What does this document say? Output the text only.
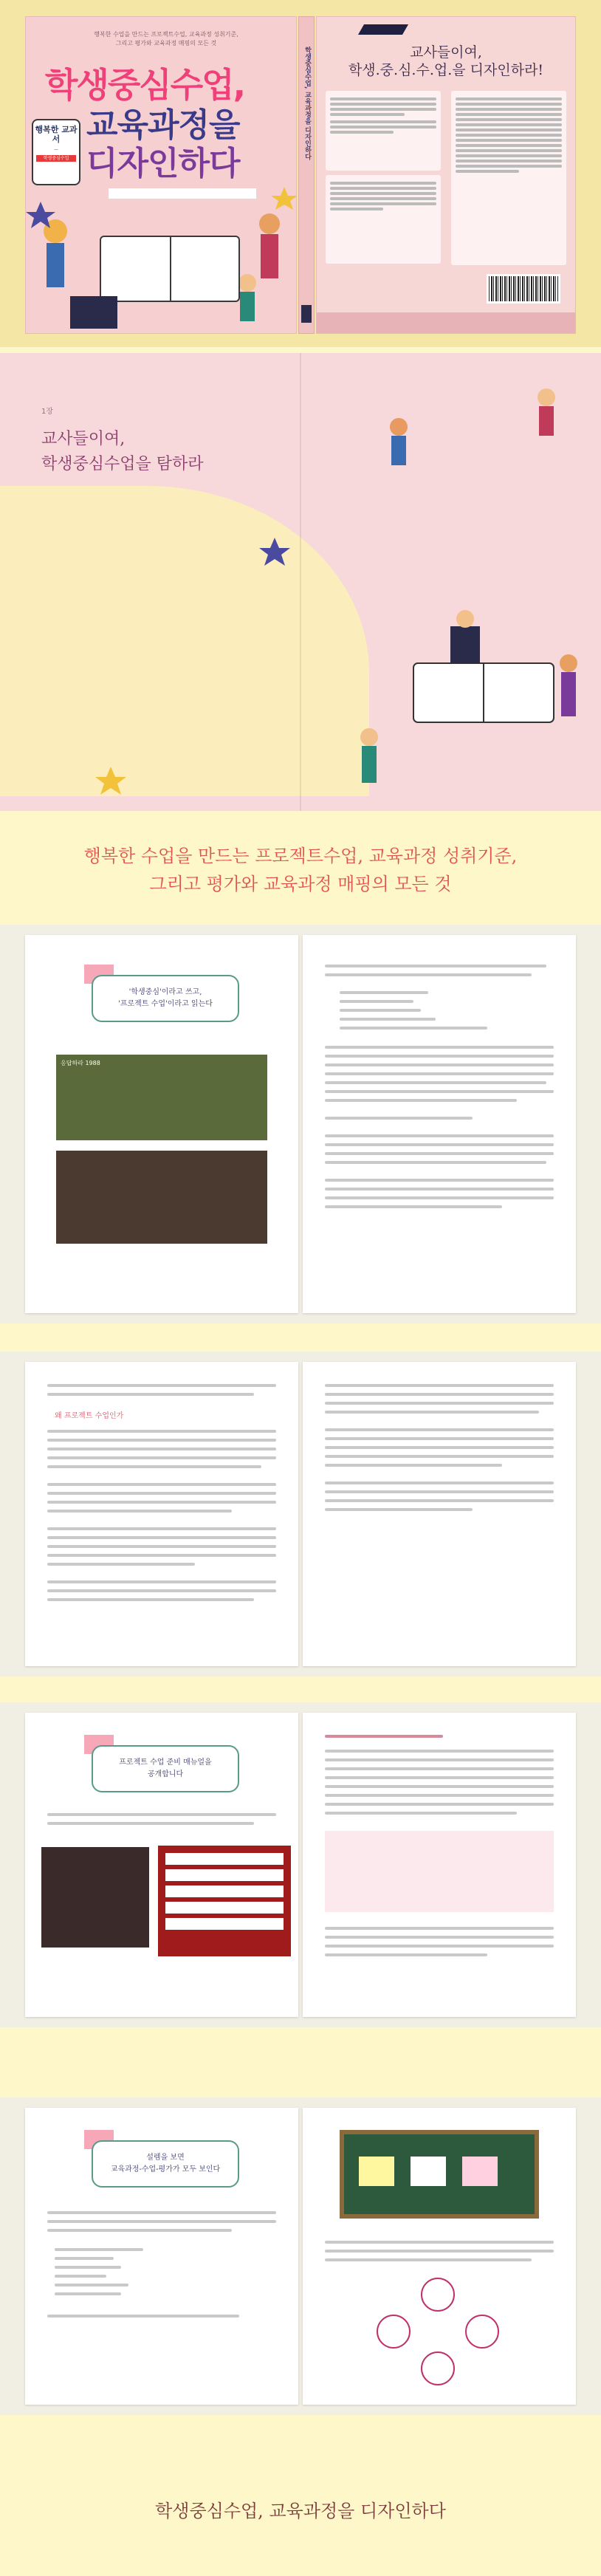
행복한 수업을 만드는 프로젝트수업, 교육과정 성취기준,
그리고 평가와 교육과정 매핑의 모든 것
학생중심수업,
교육과정을
디자인하다
행복한 교과서
—
학생중심수업	학생중심수업, 교육과정을 디자인하다	교사들이여,
학생.중.심.수.업.을 디자인하라!
1장
교사들이여,
학생중심수업을 탐하라
행복한 수업을 만드는 프로젝트수업, 교육과정 성취기준,
그리고 평가와 교육과정 매핑의 모든 것
'학생중심'이라고 쓰고,
'프로젝트 수업'이라고 읽는다
응답하라 1988
왜 프로젝트 수업인가
프로젝트 수업 준비 매뉴얼을
공개합니다
설렘을 보면
교육과정-수업-평가가 모두 보인다
학생중심수업, 교육과정을 디자인하다
